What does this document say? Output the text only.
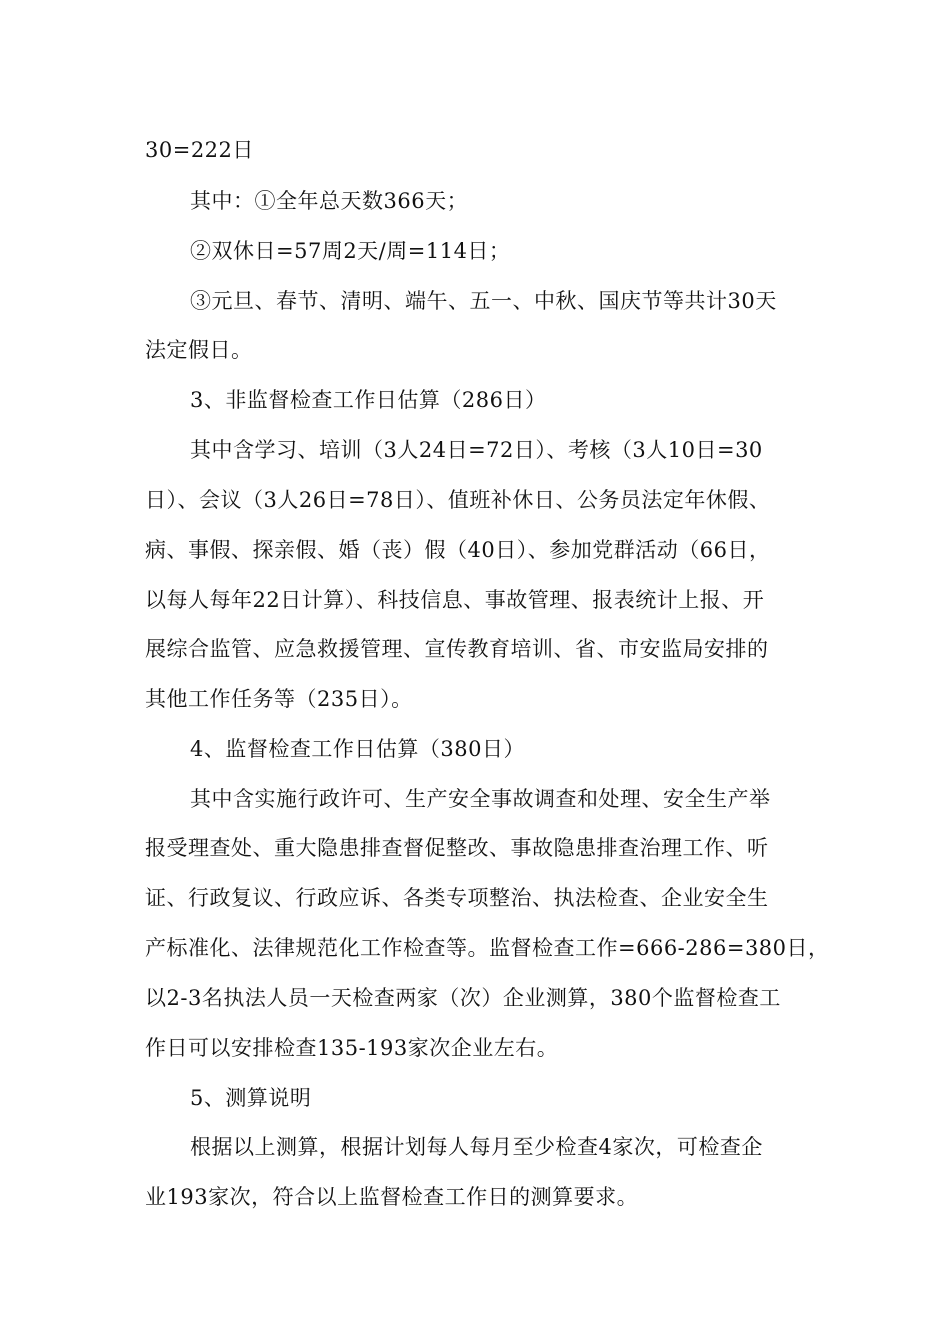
30=222日
其中：①全年总天数366天；
②双休日=57周2天/周=114日；
③元旦、春节、清明、端午、五一、中秋、国庆节等共计30天
法定假日。
3、非监督检查工作日估算（286日）
其中含学习、培训（3人24日=72日）、考核（3人10日=30
日）、会议（3人26日=78日）、值班补休日、公务员法定年休假、
病、事假、探亲假、婚（丧）假（40日）、参加党群活动（66日，
以每人每年22日计算）、科技信息、事故管理、报表统计上报、开
展综合监管、应急救援管理、宣传教育培训、省、市安监局安排的
其他工作任务等（235日）。
4、监督检查工作日估算（380日）
其中含实施行政许可、生产安全事故调查和处理、安全生产举
报受理查处、重大隐患排查督促整改、事故隐患排查治理工作、听
证、行政复议、行政应诉、各类专项整治、执法检查、企业安全生
产标准化、法律规范化工作检查等。监督检查工作=666-286=380日，
以2-3名执法人员一天检查两家（次）企业测算，380个监督检查工
作日可以安排检查135-193家次企业左右。
5、测算说明
根据以上测算，根据计划每人每月至少检查4家次，可检查企
业193家次，符合以上监督检查工作日的测算要求。
